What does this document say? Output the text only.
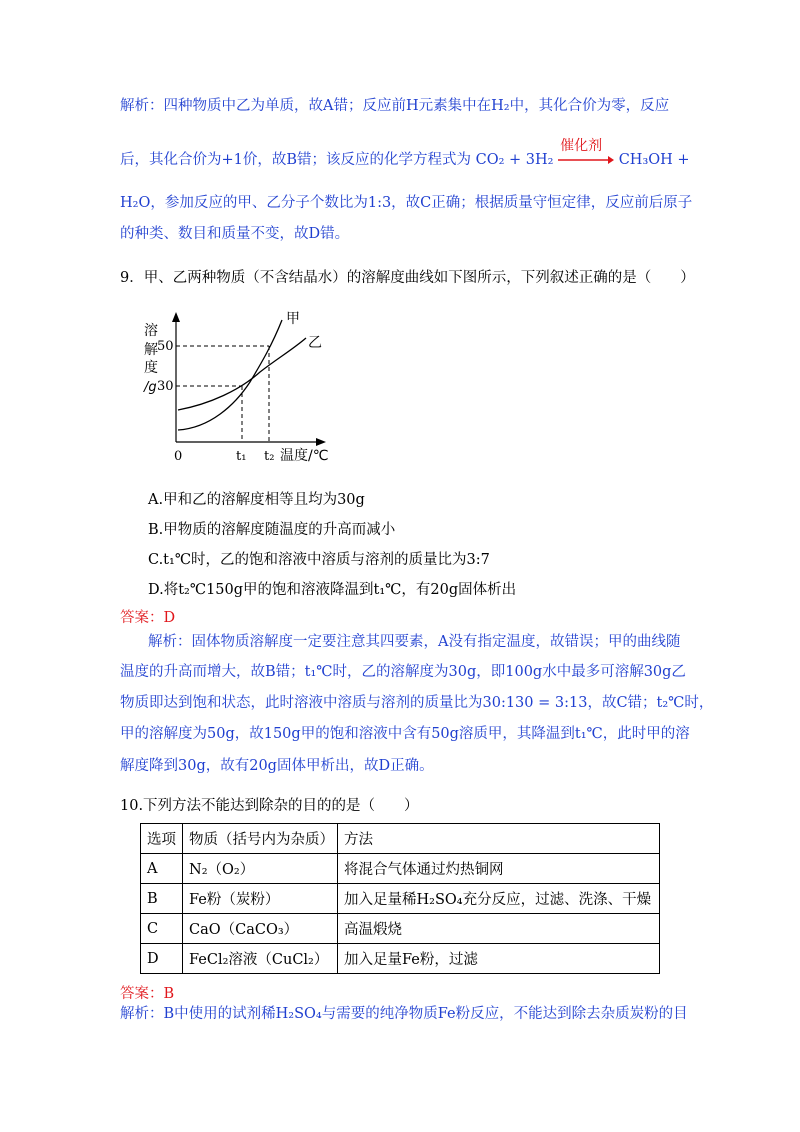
解析：四种物质中乙为单质，故A错；反应前H元素集中在H₂中，其化合价为零，反应
后，其化合价为+1价，故B错；该反应的化学方程式为 CO₂ + 3H₂
催化剂
CH₃OH +
H₂O，参加反应的甲、乙分子个数比为1:3，故C正确；根据质量守恒定律，反应前后原子
的种类、数目和质量不变，故D错。
9．甲、乙两种物质（不含结晶水）的溶解度曲线如下图所示，下列叙述正确的是（　　）
溶
解
度
/g
50
30
0	t₁ t₂ 温度/℃
甲
乙
A.甲和乙的溶解度相等且均为30g
B.甲物质的溶解度随温度的升高而减小
C.t₁℃时，乙的饱和溶液中溶质与溶剂的质量比为3:7
D.将t₂℃150g甲的饱和溶液降温到t₁℃，有20g固体析出
答案：D
解析：固体物质溶解度一定要注意其四要素，A没有指定温度，故错误；甲的曲线随
温度的升高而增大，故B错；t₁℃时，乙的溶解度为30g，即100g水中最多可溶解30g乙
物质即达到饱和状态，此时溶液中溶质与溶剂的质量比为30:130 = 3:13，故C错；t₂℃时，
甲的溶解度为50g，故150g甲的饱和溶液中含有50g溶质甲，其降温到t₁℃，此时甲的溶
解度降到30g，故有20g固体甲析出，故D正确。
10.下列方法不能达到除杂的目的的是（　　）
选项	物质（括号内为杂质）	方法
A	N₂（O₂）	将混合气体通过灼热铜网
B	Fe粉（炭粉）	加入足量稀H₂SO₄充分反应，过滤、洗涤、干燥
C	CaO（CaCO₃）	高温煅烧
D	FeCl₂溶液（CuCl₂）	加入足量Fe粉，过滤
答案：B
解析：B中使用的试剂稀H₂SO₄与需要的纯净物质Fe粉反应，不能达到除去杂质炭粉的目
